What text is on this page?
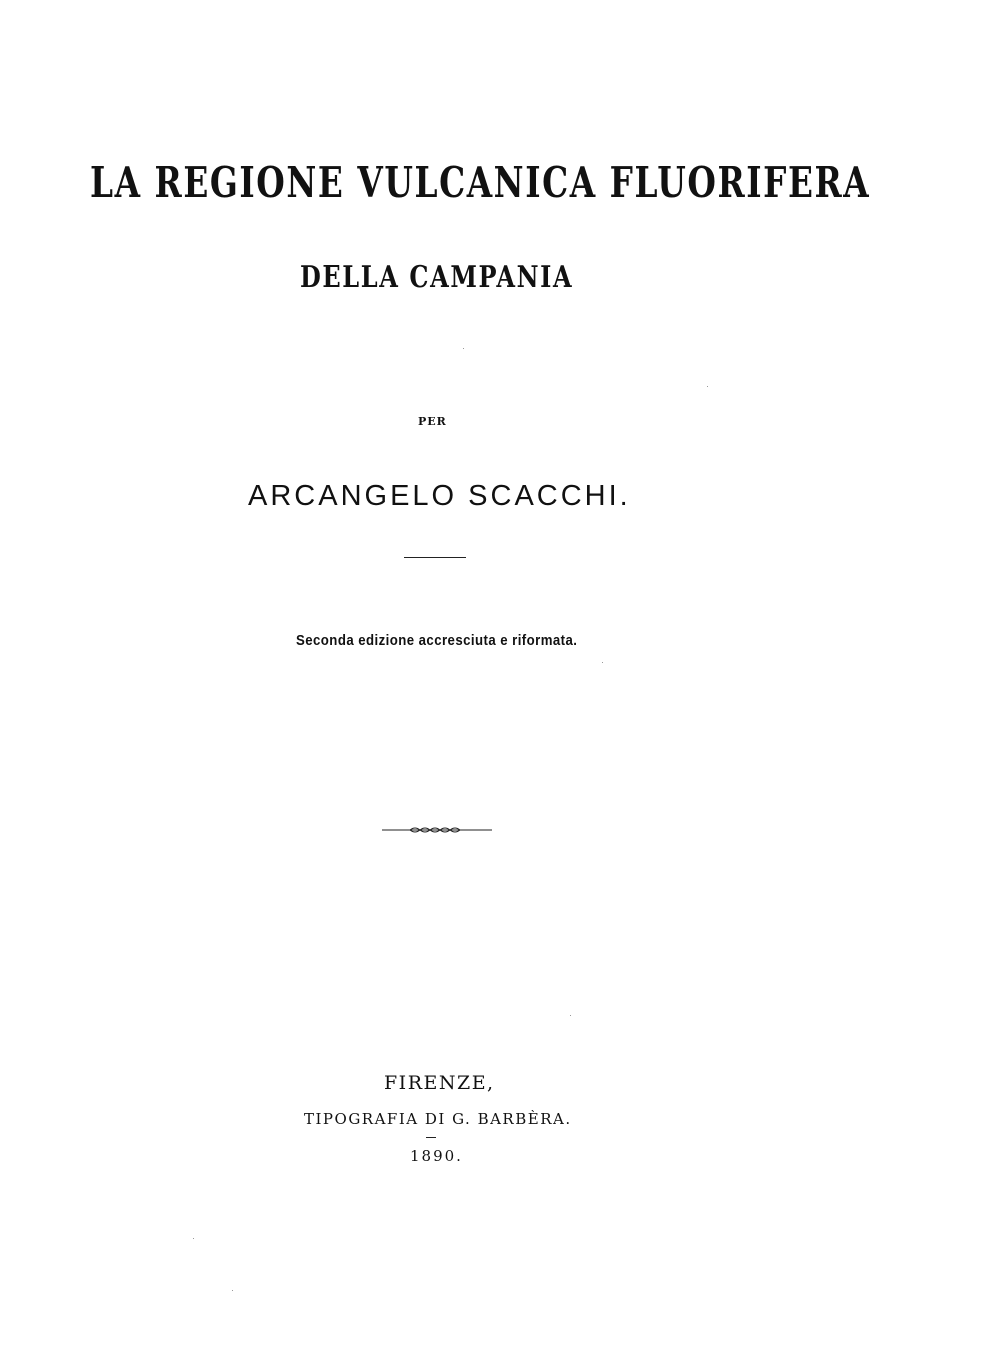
LA REGIONE VULCANICA FLUORIFERA
DELLA CAMPANIA
PER
ARCANGELO SCACCHI.
Seconda edizione accresciuta e riformata.
FIRENZE,
TIPOGRAFIA DI G. BARBÈRA.
1890.
